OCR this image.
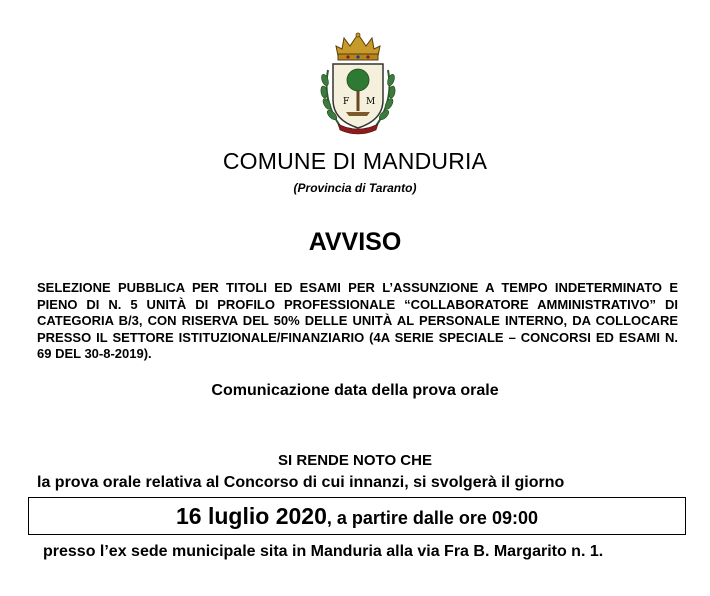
F M
COMUNE DI MANDURIA
(Provincia di Taranto)
AVVISO
SELEZIONE PUBBLICA PER TITOLI ED ESAMI PER L’ASSUNZIONE A TEMPO INDETERMINATO E PIENO DI N. 5 UNITÀ DI PROFILO PROFESSIONALE “COLLABORATORE AMMINISTRATIVO” DI CATEGORIA B/3, CON RISERVA DEL 50% DELLE UNITÀ AL PERSONALE INTERNO, DA COLLOCARE PRESSO IL SETTORE ISTITUZIONALE/FINANZIARIO (4A SERIE SPECIALE – CONCORSI ED ESAMI N. 69 DEL 30-8-2019).
Comunicazione data della prova orale
SI RENDE NOTO CHE
la prova orale relativa al Concorso di cui innanzi, si svolgerà il giorno
16 luglio 2020, a partire dalle ore 09:00
presso l’ex sede municipale sita in Manduria alla via Fra B. Margarito n. 1.
